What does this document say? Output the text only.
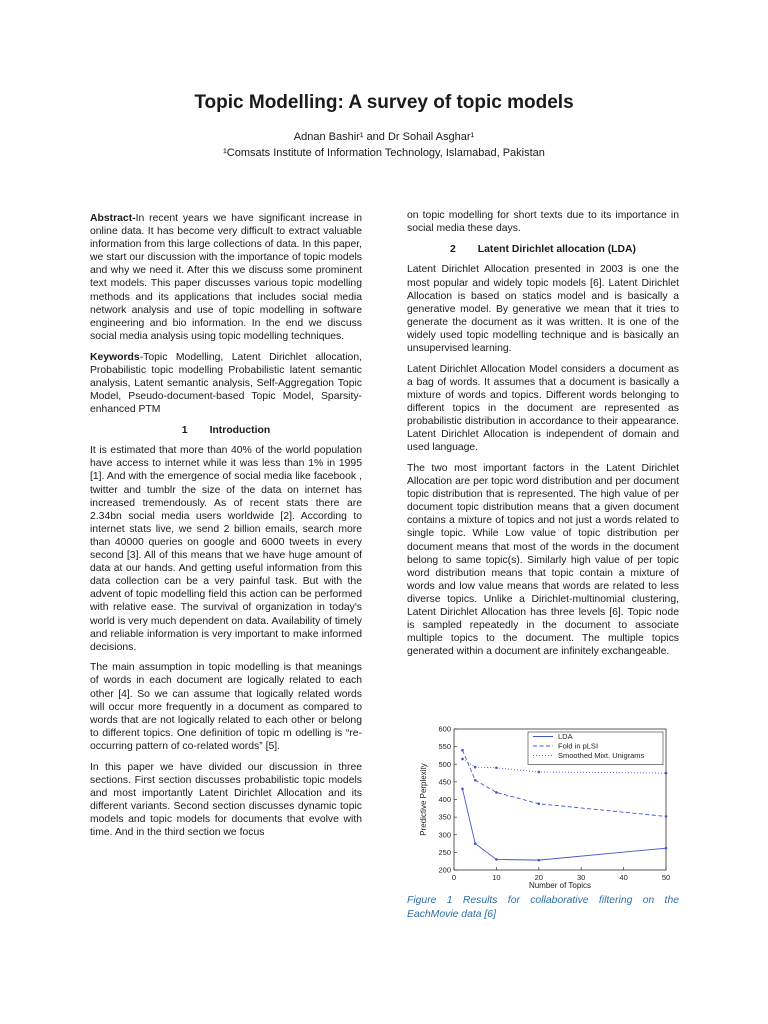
Topic Modelling: A survey of topic models
Adnan Bashir¹ and Dr Sohail Asghar¹
¹Comsats Institute of Information Technology, Islamabad, Pakistan

Abstract-In recent years we have significant increase in online data. It has become very difficult to extract valuable information from this large collections of data. In this paper, we start our discussion with the importance of topic models and why we need it. After this we discuss some prominent text models. This paper discusses various topic modelling methods and its applications that includes social media network analysis and use of topic modelling in software engineering and bio information. In the end we discuss social media analysis using topic modelling techniques.

Keywords-Topic Modelling, Latent Dirichlet allocation, Probabilistic topic modelling Probabilistic latent semantic analysis, Latent semantic analysis, Self-Aggregation Topic Model, Pseudo-document-based Topic Model, Sparsity-enhanced PTM

1 Introduction

It is estimated that more than 40% of the world population have access to internet while it was less than 1% in 1995 [1]. And with the emergence of social media like facebook , twitter and tumblr the size of the data on internet has increased tremendously. As of recent stats there are 2.34bn social media users worldwide [2]. According to internet stats live, we send 2 billion emails, search more than 40000 queries on google and 6000 tweets in every second [3]. All of this means that we have huge amount of data at our hands. And getting useful information from this data collection can be a very painful task. But with the advent of topic modelling field this action can be performed with relative ease. The survival of organization in today's world is very much dependent on data. Availability of timely and reliable information is very important to make informed decisions.

The main assumption in topic modelling is that meanings of words in each document are logically related to each other [4]. So we can assume that logically related words will occur more frequently in a document as compared to words that are not logically related to each other or belong to different topics. One definition of topic m odelling is “re-occurring pattern of co-related words” [5].

In this paper we have divided our discussion in three sections. First section discusses probabilistic topic models and most importantly Latent Dirichlet Allocation and its different variants. Second section discusses dynamic topic models and topic models for documents that evolve with time. And in the third section we focus

on topic modelling for short texts due to its importance in social media these days.

2 Latent Dirichlet allocation (LDA)

Latent Dirichlet Allocation presented in 2003 is one the most popular and widely topic models [6]. Latent Dirichlet Allocation is based on statics model and is basically a generative model. By generative we mean that it tries to generate the document as it was written. It is one of the widely used topic modelling technique and is basically an unsupervised learning.

Latent Dirichlet Allocation Model considers a document as a bag of words. It assumes that a document is basically a mixture of words and topics. Different words belonging to different topics in the document are represented as probabilistic distribution in accordance to their appearance. Latent Dirichlet Allocation is independent of domain and used language.

The two most important factors in the Latent Dirichlet Allocation are per topic word distribution and per document topic distribution that is represented. The high value of per document topic distribution means that a given document contains a mixture of topics and not just a words related to single topic. While Low value of topic distribution per document means that most of the words in the document belong to same topic(s). Similarly high value of per topic word distribution means that topic contain a mixture of words and low value means that words are related to less diverse topics. Unlike a Dirichlet-multinomial clustering, Latent Dirichlet Allocation has three levels [6]. Topic node is sampled repeatedly in the document to associate multiple topics to the document. The multiple topics generated within a document are infinitely exchangeable.

0	10	20	30	40	50
200
250
300
350
400
450
500
550
600
Number of Topics
Predictive Perplexity
LDA
Fold in pLSI
Smoothed Mixt. Unigrams
Figure 1 Results for collaborative filtering on the EachMovie data [6]
